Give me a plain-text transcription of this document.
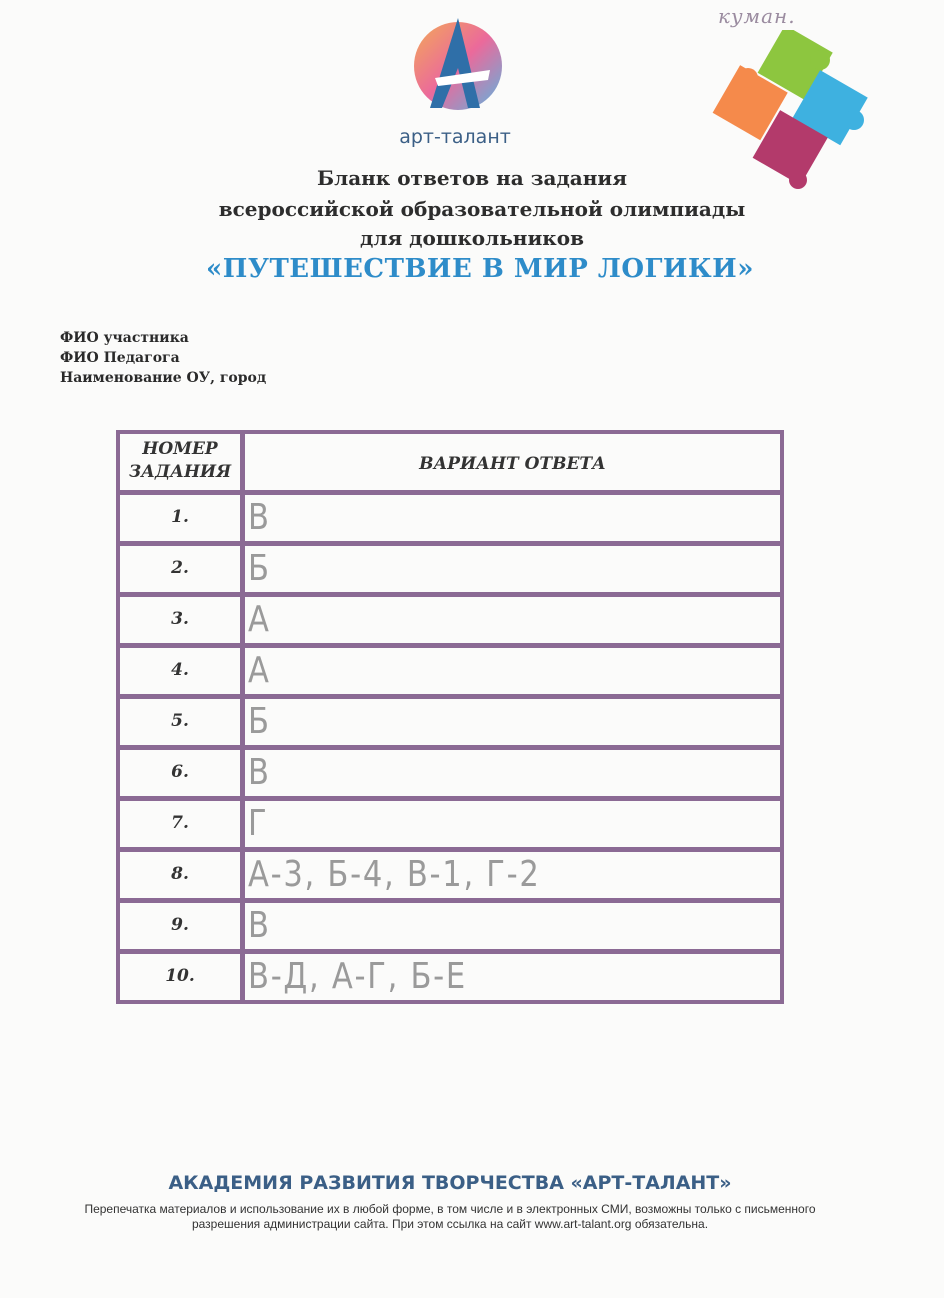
куман.
арт-талант
Бланк ответов на задания
всероссийской образовательной олимпиады
для дошкольников
«ПУТЕШЕСТВИЕ В МИР ЛОГИКИ»
ФИО участника
ФИО Педагога
Наименование ОУ, город
НОМЕР ЗАДАНИЯ	ВАРИАНТ ОТВЕТА
1.	В
2.	Б
3.	А
4.	А
5.	Б
6.	В
7.	Г
8.	А-3, Б-4, В-1, Г-2
9.	В
10.	В-Д, А-Г, Б-Е
АКАДЕМИЯ РАЗВИТИЯ ТВОРЧЕСТВА «АРТ-ТАЛАНТ»
Перепечатка материалов и использование их в любой форме, в том числе и в электронных СМИ, возможны только с письменного разрешения администрации сайта. При этом ссылка на сайт www.art-talant.org обязательна.
